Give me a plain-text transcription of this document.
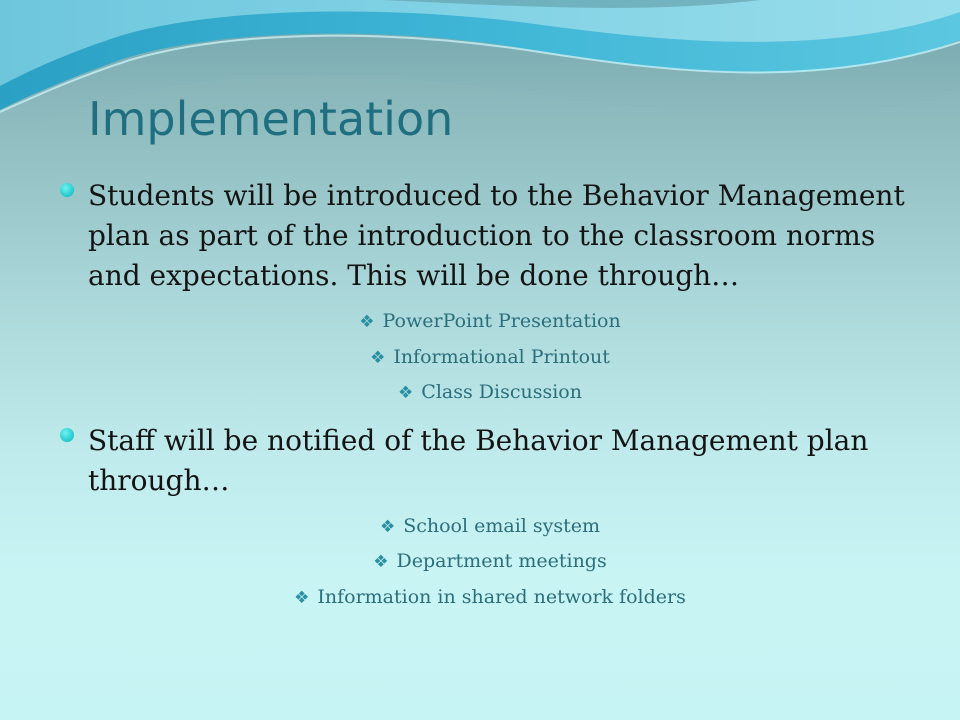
Implementation
Students will be introduced to the Behavior Management plan as part of the introduction to the classroom norms and expectations. This will be done through…
❖ PowerPoint Presentation
❖ Informational Printout
❖ Class Discussion
Staff will be notified of the Behavior Management plan through…
❖ School email system
❖ Department meetings
❖ Information in shared network folders
